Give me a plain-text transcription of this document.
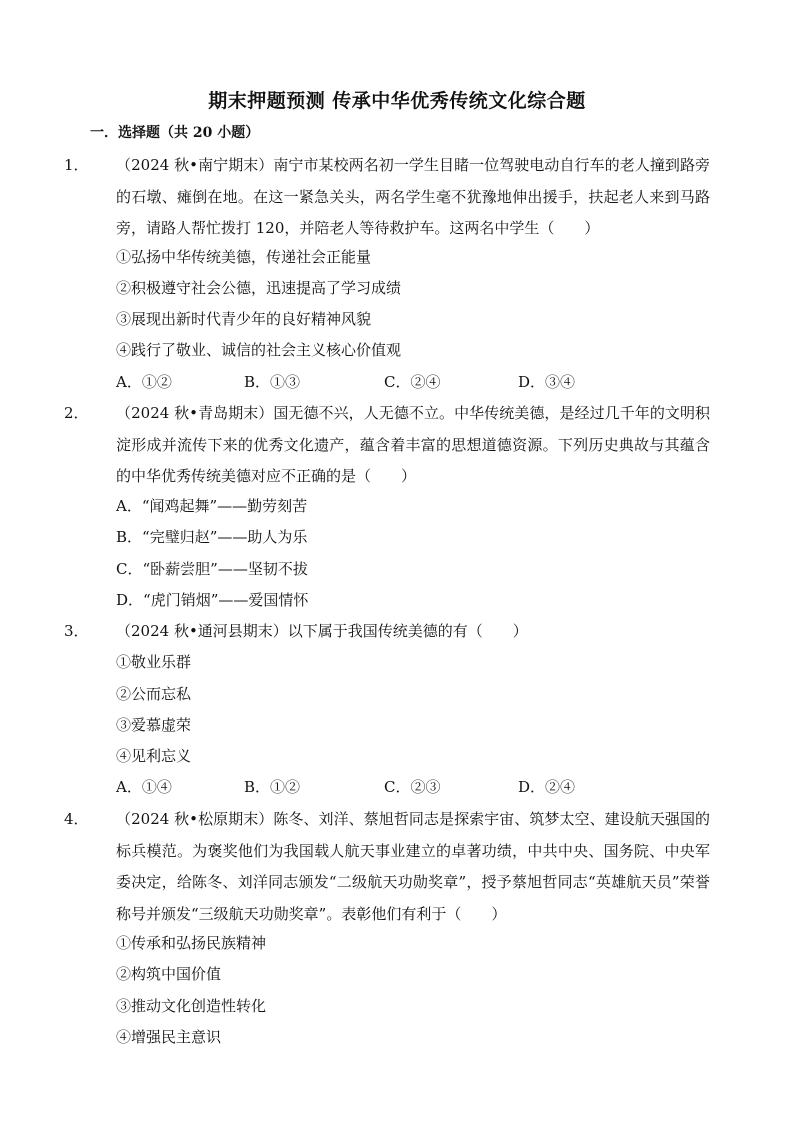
期末押题预测 传承中华优秀传统文化综合题
一．选择题（共 20 小题）
1． （2024 秋•南宁期末）南宁市某校两名初一学生目睹一位驾驶电动自行车的老人撞到路旁的石墩、瘫倒在地。在这一紧急关头，两名学生毫不犹豫地伸出援手，扶起老人来到马路旁，请路人帮忙拨打 120，并陪老人等待救护车。这两名中学生（　　）
①弘扬中华传统美德，传递社会正能量
②积极遵守社会公德，迅速提高了学习成绩
③展现出新时代青少年的良好精神风貌
④践行了敬业、诚信的社会主义核心价值观
A．①②	B．①③	C．②④	D．③④
2． （2024 秋•青岛期末）国无德不兴，人无德不立。中华传统美德，是经过几千年的文明积淀形成并流传下来的优秀文化遗产，蕴含着丰富的思想道德资源。下列历史典故与其蕴含的中华优秀传统美德对应不正确的是（　　）
A．“闻鸡起舞”——勤劳刻苦
B．“完璧归赵”——助人为乐
C．“卧薪尝胆”——坚韧不拔
D．“虎门销烟”——爱国情怀
3． （2024 秋•通河县期末）以下属于我国传统美德的有（　　）
①敬业乐群
②公而忘私
③爱慕虚荣
④见利忘义
A．①④	B．①②	C．②③	D．②④
4． （2024 秋•松原期末）陈冬、刘洋、蔡旭哲同志是探索宇宙、筑梦太空、建设航天强国的标兵模范。为褒奖他们为我国载人航天事业建立的卓著功绩，中共中央、国务院、中央军委决定，给陈冬、刘洋同志颁发“二级航天功勋奖章”，授予蔡旭哲同志“英雄航天员”荣誉称号并颁发“三级航天功勋奖章”。表彰他们有利于（　　）
①传承和弘扬民族精神
②构筑中国价值
③推动文化创造性转化
④增强民主意识
